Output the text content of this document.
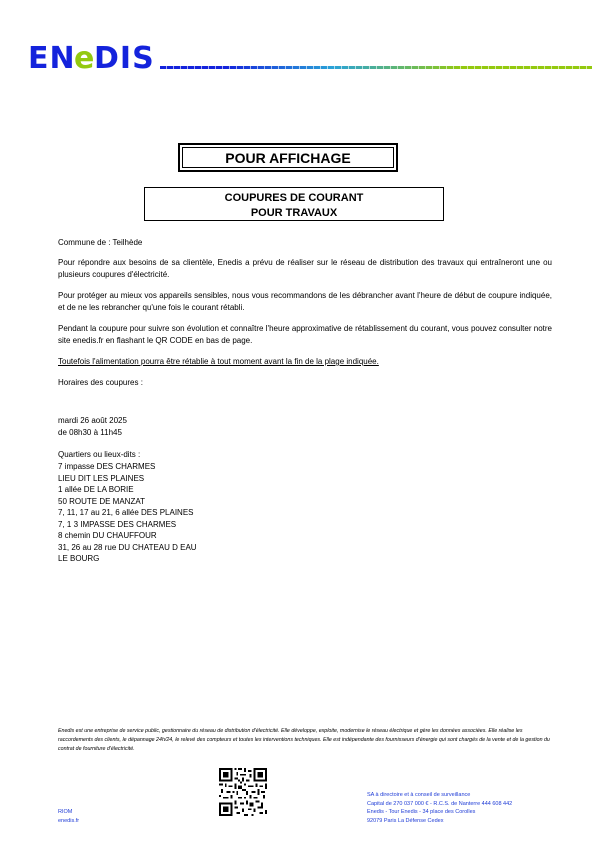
EN
e DIS
POUR AFFICHAGE
COUPURES DE COURANT
POUR TRAVAUX

Commune de : Teilhède

Pour répondre aux besoins de sa clientèle, Enedis a prévu de réaliser sur le réseau de distribution des travaux qui entraîneront une ou plusieurs coupures d'électricité.

Pour protéger au mieux vos appareils sensibles, nous vous recommandons de les débrancher avant l'heure de début de coupure indiquée, et de ne les rebrancher qu'une fois le courant rétabli.

Pendant la coupure pour suivre son évolution et connaître l'heure approximative de rétablissement du courant, vous pouvez consulter notre site enedis.fr en flashant le QR CODE en bas de page.

Toutefois l'alimentation pourra être rétablie à tout moment avant la fin de la plage indiquée.

Horaires des coupures :

mardi 26 août 2025
de 08h30 à 11h45
Quartiers ou lieux-dits :
7 impasse DES CHARMES
LIEU DIT LES PLAINES
1 allée DE LA BORIE
50 ROUTE DE MANZAT
7, 11, 17 au 21, 6 allée DES PLAINES
7, 1 3 IMPASSE DES CHARMES
8 chemin DU CHAUFFOUR
31, 26 au 28 rue DU CHATEAU D EAU
LE BOURG
Enedis est une entreprise de service public, gestionnaire du réseau de distribution d'électricité. Elle développe, exploite, modernise le réseau électrique et gère les données associées. Elle réalise les raccordements des clients, le dépannage 24h/24, le relevé des compteurs et toutes les interventions techniques. Elle est indépendante des fournisseurs d'énergie qui sont chargés de la vente et de la gestion du contrat de fourniture d'électricité.
RIOM
enedis.fr
SA à directoire et à conseil de surveillance
Capital de 270 037 000 € - R.C.S. de Nanterre 444 608 442
Enedis - Tour Enedis - 34 place des Corolles
92079 Paris La Défense Cedex
